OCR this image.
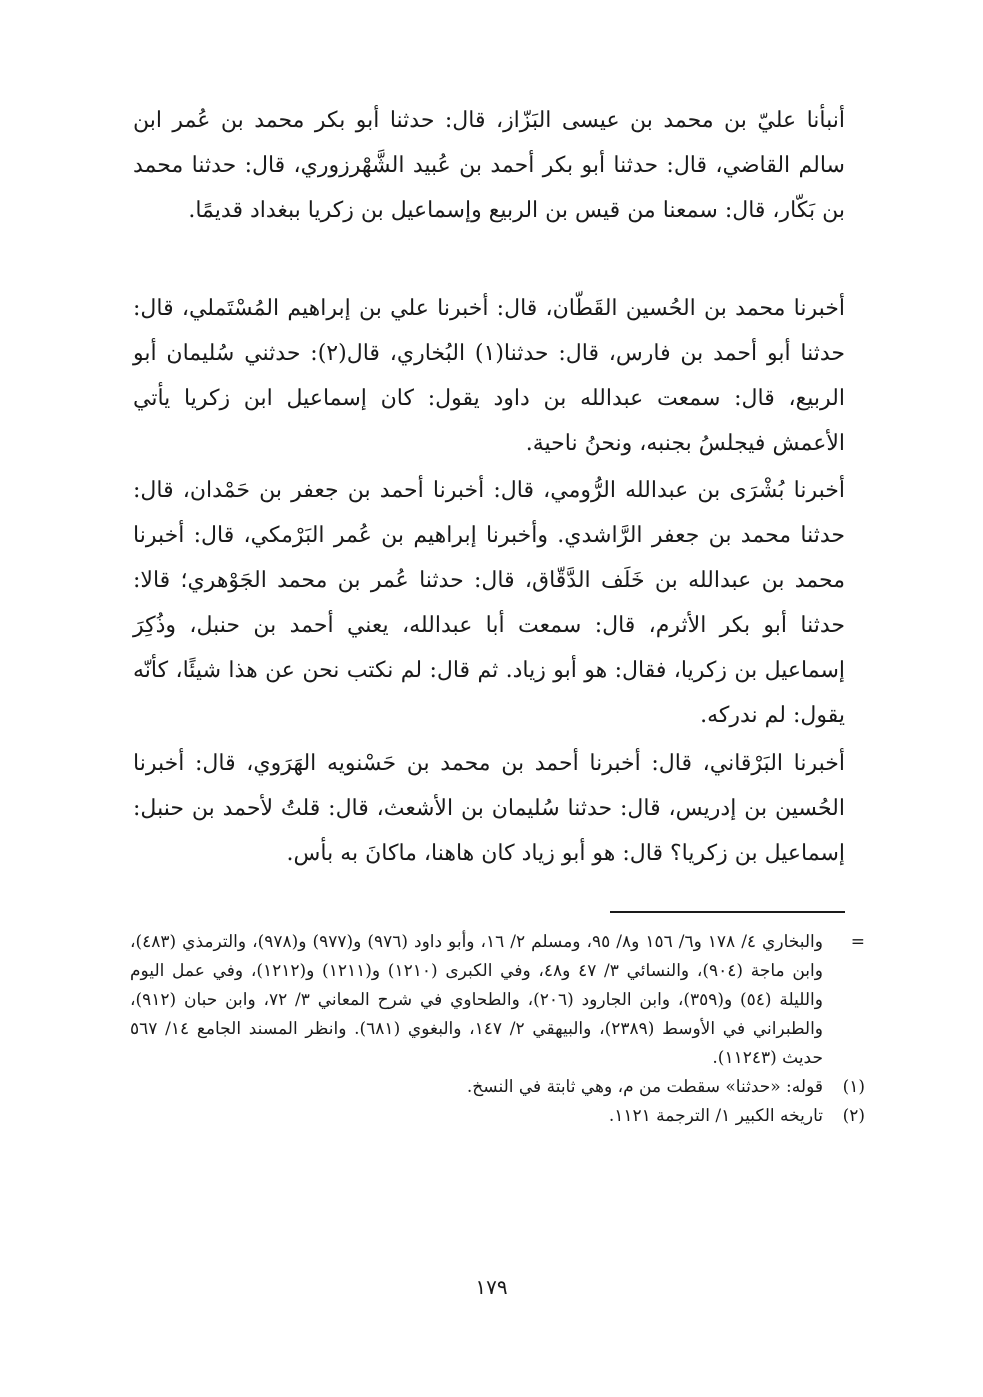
أنبأنا عليّ بن محمد بن عيسى البَزّاز، قال: حدثنا أبو بكر محمد بن عُمر ابن سالم القاضي، قال: حدثنا أبو بكر أحمد بن عُبيد الشَّهْرزوري، قال: حدثنا محمد بن بَكّار، قال: سمعنا من قيس بن الربيع وإسماعيل بن زكريا ببغداد قديمًا.

أخبرنا محمد بن الحُسين القَطّان، قال: أخبرنا علي بن إبراهيم المُسْتَملي، قال: حدثنا أبو أحمد بن فارس، قال: حدثنا(١) البُخاري، قال(٢): حدثني سُليمان أبو الربيع، قال: سمعت عبدالله بن داود يقول: كان إسماعيل ابن زكريا يأتي الأعمش فيجلسُ بجنبه، ونحنُ ناحية.

أخبرنا بُشْرَى بن عبدالله الرُّومي، قال: أخبرنا أحمد بن جعفر بن حَمْدان، قال: حدثنا محمد بن جعفر الرَّاشدي. وأخبرنا إبراهيم بن عُمر البَرْمكي، قال: أخبرنا محمد بن عبدالله بن خَلَف الدَّقّاق، قال: حدثنا عُمر بن محمد الجَوْهري؛ قالا: حدثنا أبو بكر الأثرم، قال: سمعت أبا عبدالله، يعني أحمد بن حنبل، وذُكِرَ إسماعيل بن زكريا، فقال: هو أبو زياد. ثم قال: لم نكتب نحن عن هذا شيئًا، كأنّه يقول: لم ندركه.

أخبرنا البَرْقاني، قال: أخبرنا أحمد بن محمد بن حَسْنويه الهَرَوي، قال: أخبرنا الحُسين بن إدريس، قال: حدثنا سُليمان بن الأشعث، قال: قلتُ لأحمد بن حنبل: إسماعيل بن زكريا؟ قال: هو أبو زياد كان هاهنا، ماكانَ به بأس.

=
والبخاري ٤/ ١٧٨ و٦/ ١٥٦ و٨/ ٩٥، ومسلم ٢/ ١٦، وأبو داود (٩٧٦) و(٩٧٧) و(٩٧٨)، والترمذي (٤٨٣)، وابن ماجة (٩٠٤)، والنسائي ٣/ ٤٧ و٤٨، وفي الكبرى (١٢١٠) و(١٢١١) و(١٢١٢)، وفي عمل اليوم والليلة (٥٤) و(٣٥٩)، وابن الجارود (٢٠٦)، والطحاوي في شرح المعاني ٣/ ٧٢، وابن حبان (٩١٢)، والطبراني في الأوسط (٢٣٨٩)، والبيهقي ٢/ ١٤٧، والبغوي (٦٨١). وانظر المسند الجامع ١٤/ ٥٦٧ حديث (١١٢٤٣).
(١)
قوله: «حدثنا» سقطت من م، وهي ثابتة في النسخ.
(٢)
تاريخه الكبير ١/ الترجمة ١١٢١.
١٧٩
